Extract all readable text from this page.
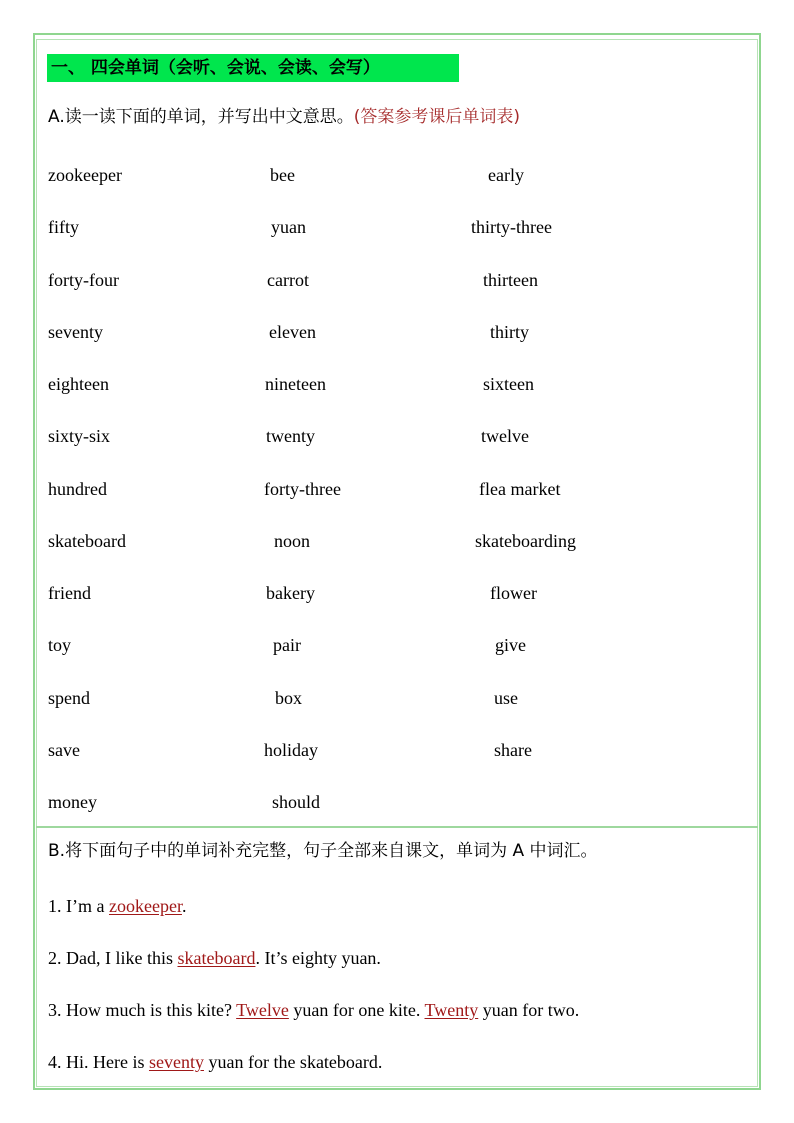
一、 四会单词（会听、会说、会读、会写）
A.读一读下面的单词，并写出中文意思。(答案参考课后单词表)
zookeeper	bee	early
fifty	yuan	thirty-three
forty-four	carrot	thirteen
seventy	eleven	thirty
eighteen	nineteen	sixteen
sixty-six	twenty	twelve
hundred	forty-three	flea market
skateboard	noon	skateboarding
friend	bakery	flower
toy	pair	give
spend	box	use
save	holiday	share
money	should
B.将下面句子中的单词补充完整，句子全部来自课文，单词为 A 中词汇。
1. I’m a zookeeper.
2. Dad, I like this skateboard. It’s eighty yuan.
3. How much is this kite? Twelve yuan for one kite. Twenty yuan for two.
4. Hi. Here is seventy yuan for the skateboard.
